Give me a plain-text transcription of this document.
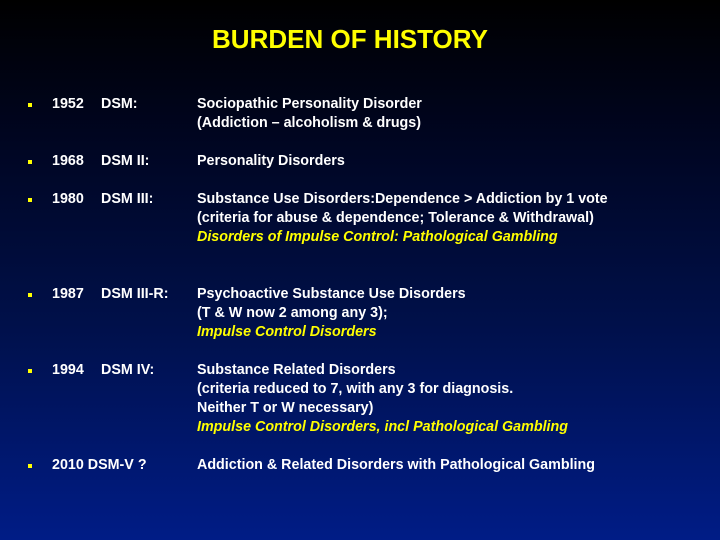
BURDEN OF HISTORY
1952 DSM:	Sociopathic Personality Disorder
(Addiction – alcoholism & drugs)
1968 DSM II:	Personality Disorders
1980 DSM III:	Substance Use Disorders:Dependence > Addiction by 1 vote
(criteria for abuse & dependence; Tolerance & Withdrawal)
Disorders of Impulse Control: Pathological Gambling
1987 DSM III-R: Psychoactive Substance Use Disorders
(T & W now 2 among any 3);
Impulse Control Disorders
1994 DSM IV:	Substance Related Disorders
(criteria reduced to 7, with any 3 for diagnosis.
Neither T or W necessary)
Impulse Control Disorders, incl Pathological Gambling
2010 DSM-V ?	Addiction & Related Disorders with Pathological Gambling
